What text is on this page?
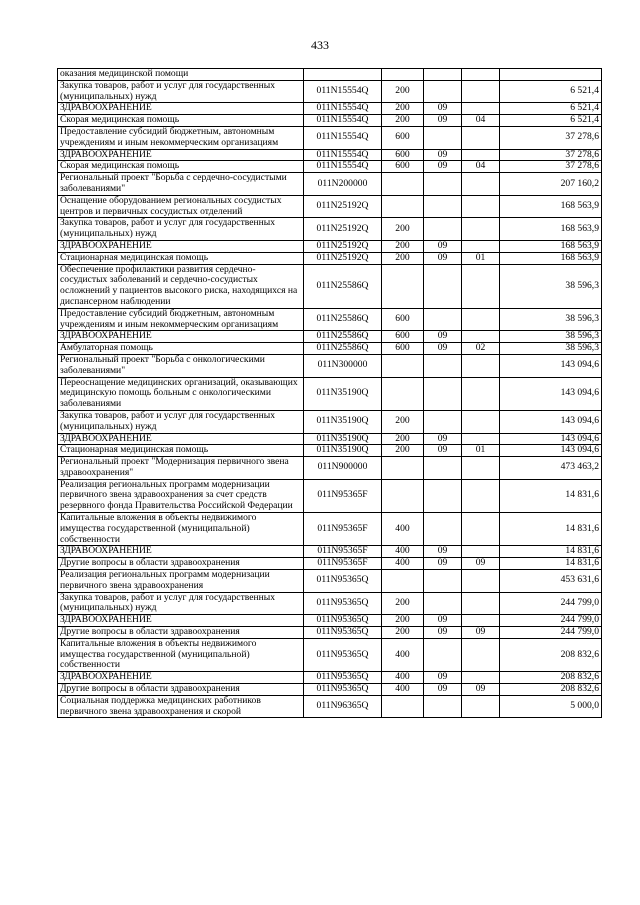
433
оказания медицинской помощи					
Закупка товаров, работ и услуг для государственных (муниципальных) нужд	011N15554Q	200			6 521,4
ЗДРАВООХРАНЕНИЕ	011N15554Q	200	09		6 521,4
Скорая медицинская помощь	011N15554Q	200	09	04	6 521,4
Предоставление субсидий бюджетным, автономным учреждениям и иным некоммерческим организациям	011N15554Q	600			37 278,6
ЗДРАВООХРАНЕНИЕ	011N15554Q	600	09		37 278,6
Скорая медицинская помощь	011N15554Q	600	09	04	37 278,6
Региональный проект "Борьба с сердечно-сосудистыми заболеваниями"	011N200000				207 160,2
Оснащение оборудованием региональных сосудистых центров и первичных сосудистых отделений	011N25192Q				168 563,9
Закупка товаров, работ и услуг для государственных (муниципальных) нужд	011N25192Q	200			168 563,9
ЗДРАВООХРАНЕНИЕ	011N25192Q	200	09		168 563,9
Стационарная медицинская помощь	011N25192Q	200	09	01	168 563,9
Обеспечение профилактики развития сердечно-сосудистых заболеваний и сердечно-сосудистых осложнений у пациентов высокого риска, находящихся на диспансерном наблюдении	011N25586Q				38 596,3
Предоставление субсидий бюджетным, автономным учреждениям и иным некоммерческим организациям	011N25586Q	600			38 596,3
ЗДРАВООХРАНЕНИЕ	011N25586Q	600	09		38 596,3
Амбулаторная помощь	011N25586Q	600	09	02	38 596,3
Региональный проект "Борьба с онкологическими заболеваниями"	011N300000				143 094,6
Переоснащение медицинских организаций, оказывающих медицинскую помощь больным с онкологическими заболеваниями	011N35190Q				143 094,6
Закупка товаров, работ и услуг для государственных (муниципальных) нужд	011N35190Q	200			143 094,6
ЗДРАВООХРАНЕНИЕ	011N35190Q	200	09		143 094,6
Стационарная медицинская помощь	011N35190Q	200	09	01	143 094,6
Региональный проект "Модернизация первичного звена здравоохранения"	011N900000				473 463,2
Реализация региональных программ модернизации первичного звена здравоохранения за счет средств резервного фонда Правительства Российской Федерации	011N95365F				14 831,6
Капитальные вложения в объекты недвижимого имущества государственной (муниципальной) собственности	011N95365F	400			14 831,6
ЗДРАВООХРАНЕНИЕ	011N95365F	400	09		14 831,6
Другие вопросы в области здравоохранения	011N95365F	400	09	09	14 831,6
Реализация региональных программ модернизации первичного звена здравоохранения	011N95365Q				453 631,6
Закупка товаров, работ и услуг для государственных (муниципальных) нужд	011N95365Q	200			244 799,0
ЗДРАВООХРАНЕНИЕ	011N95365Q	200	09		244 799,0
Другие вопросы в области здравоохранения	011N95365Q	200	09	09	244 799,0
Капитальные вложения в объекты недвижимого имущества государственной (муниципальной) собственности	011N95365Q	400			208 832,6
ЗДРАВООХРАНЕНИЕ	011N95365Q	400	09		208 832,6
Другие вопросы в области здравоохранения	011N95365Q	400	09	09	208 832,6
Социальная поддержка медицинских работников первичного звена здравоохранения и скорой	011N96365Q				5 000,0
